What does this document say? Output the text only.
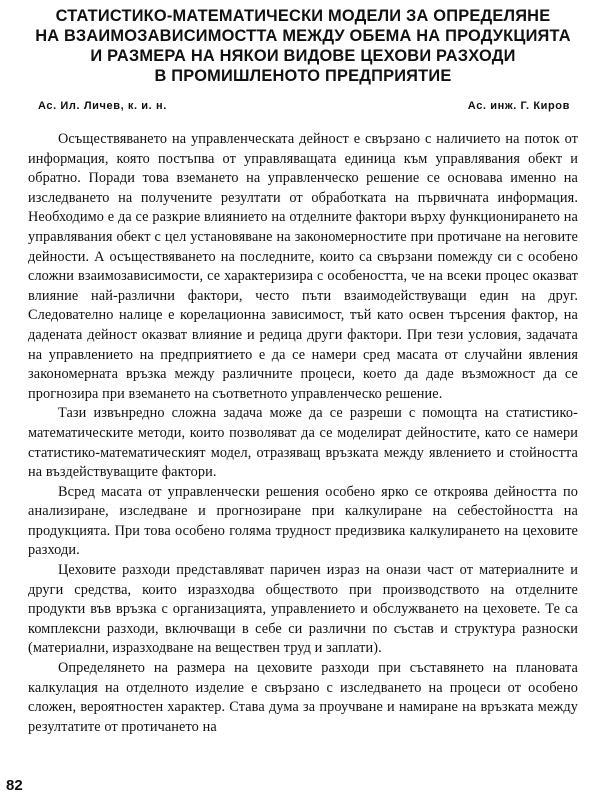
СТАТИСТИКО-МАТЕМАТИЧЕСКИ МОДЕЛИ ЗА ОПРЕДЕЛЯНЕ
НА ВЗАИМОЗАВИСИМОСТТА МЕЖДУ ОБЕМА НА ПРОДУКЦИЯТА
И РАЗМЕРА НА НЯКОИ ВИДОВЕ ЦЕХОВИ РАЗХОДИ
В ПРОМИШЛЕНОТО ПРЕДПРИЯТИЕ
Ас. Ил. Личев, к. и. н.	Ас. инж. Г. Киров

Осъществяването на управленческата дейност е свързано с наличието на поток от информация, която постъпва от управляващата единица към управлявания обект и обратно. Поради това вземането на управленческо решение се основава именно на изследването на получените резултати от обработката на първичната информация. Необходимо е да се разкрие влиянието на отделните фактори върху функционирането на управлявания обект с цел установяване на закономерностите при протичане на неговите дейности. А осъществяването на последните, които са свързани помежду си с особено сложни взаимозависимости, се характеризира с особеността, че на всеки процес оказват влияние най-различни фактори, често пъти взаимодействуващи един на друг. Следователно налице е корелационна зависимост, тъй като освен търсения фактор, на дадената дейност оказват влияние и редица други фактори. При тези условия, задачата на управлението на предприятието е да се намери сред масата от случайни явления закономерната връзка между различните процеси, което да даде възможност да се прогнозира при вземането на съответното управленческо решение.

Тази извънредно сложна задача може да се разреши с помощта на статистико-математическите методи, които позволяват да се моделират дейностите, като се намери статистико-математическият модел, отразяващ връзката между явлението и стойността на въздействуващите фактори.

Всред масата от управленчески решения особено ярко се откроява дейността по анализиране, изследване и прогнозиране при калкулиране на себестойността на продукцията. При това особено голяма трудност предизвика калкулирането на цеховите разходи.

Цеховите разходи представляват паричен израз на онази част от материалните и други средства, които изразходва обществото при производството на отделните продукти във връзка с организацията, управлението и обслужването на цеховете. Те са комплексни разходи, включващи в себе си различни по състав и структура разноски (материални, изразходване на веществен труд и заплати).

Определянето на размера на цеховите разходи при съставянето на плановата калкулация на отделното изделие е свързано с изследването на процеси от особено сложен, вероятностен характер. Става дума за проучване и намиране на връзката между резултатите от протичането на

82
